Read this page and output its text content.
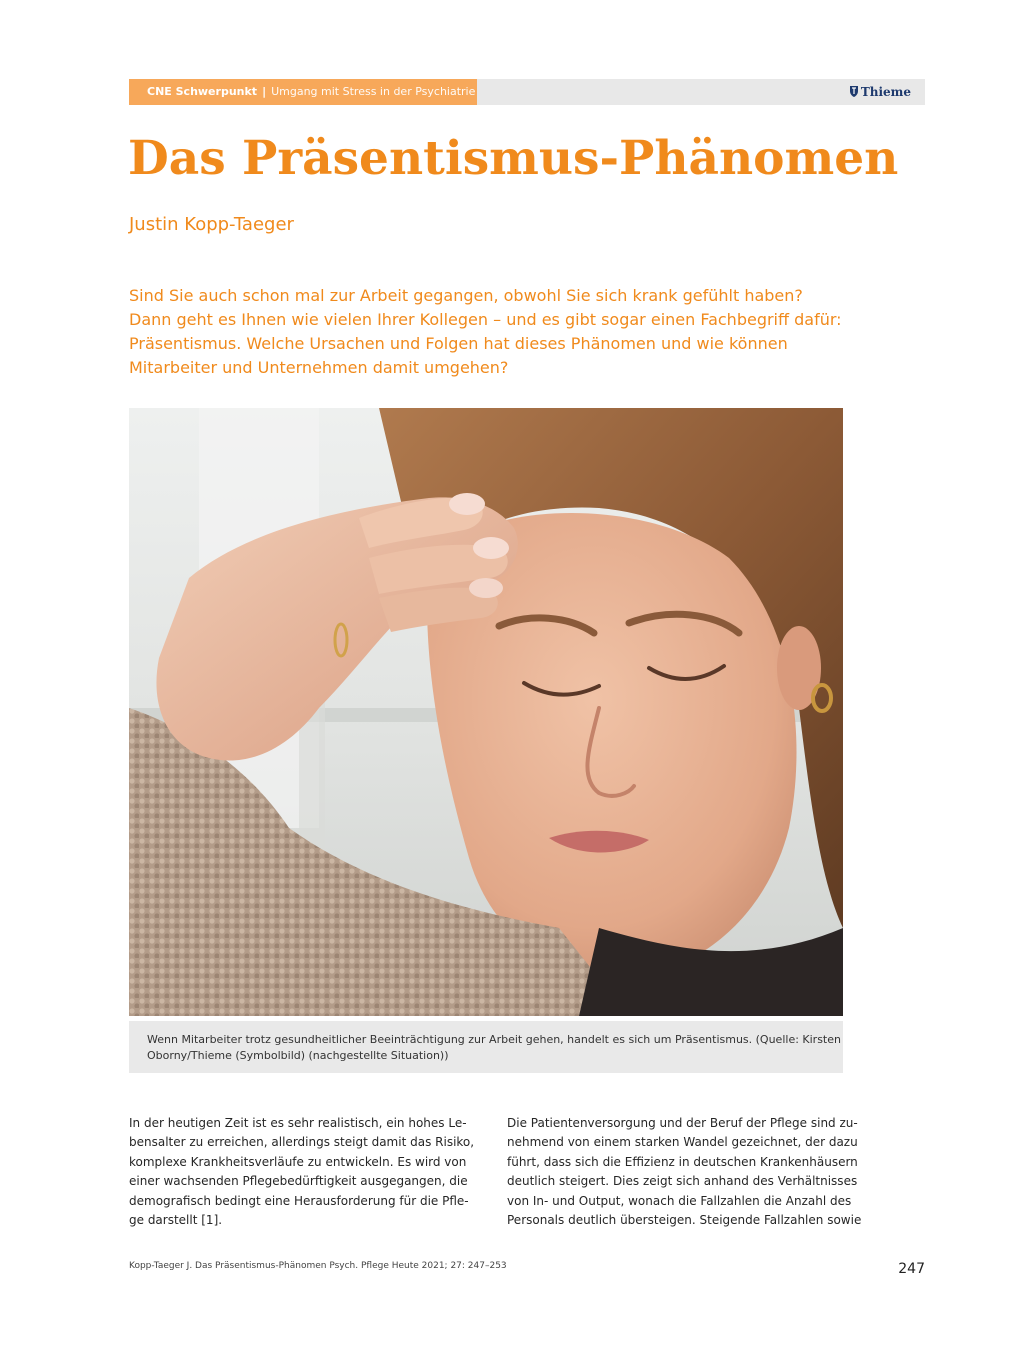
CNE Schwerpunkt | Umgang mit Stress in der Psychiatrie	Thieme
Das Präsentismus-Phänomen
Justin Kopp-Taeger
Sind Sie auch schon mal zur Arbeit gegangen, obwohl Sie sich krank gefühlt haben?
Dann geht es Ihnen wie vielen Ihrer Kollegen – und es gibt sogar einen Fachbegriff dafür:
Präsentismus. Welche Ursachen und Folgen hat dieses Phänomen und wie können
Mitarbeiter und Unternehmen damit umgehen?
Wenn Mitarbeiter trotz gesundheitlicher Beeinträchtigung zur Arbeit gehen, handelt es sich um Präsentismus. (Quelle: Kirsten
Oborny/Thieme (Symbolbild) (nachgestellte Situation))
In der heutigen Zeit ist es sehr realistisch, ein hohes Le-
bensalter zu erreichen, allerdings steigt damit das Risiko,
komplexe Krankheitsverläufe zu entwickeln. Es wird von
einer wachsenden Pflegebedürftigkeit ausgegangen, die
demografisch bedingt eine Herausforderung für die Pfle-
ge darstellt [1].
Die Patientenversorgung und der Beruf der Pflege sind zu-
nehmend von einem starken Wandel gezeichnet, der dazu
führt, dass sich die Effizienz in deutschen Krankenhäusern
deutlich steigert. Dies zeigt sich anhand des Verhältnisses
von In- und Output, wonach die Fallzahlen die Anzahl des
Personals deutlich übersteigen. Steigende Fallzahlen sowie
Kopp-Taeger J. Das Präsentismus-Phänomen Psych. Pflege Heute 2021; 27: 247–253	247
